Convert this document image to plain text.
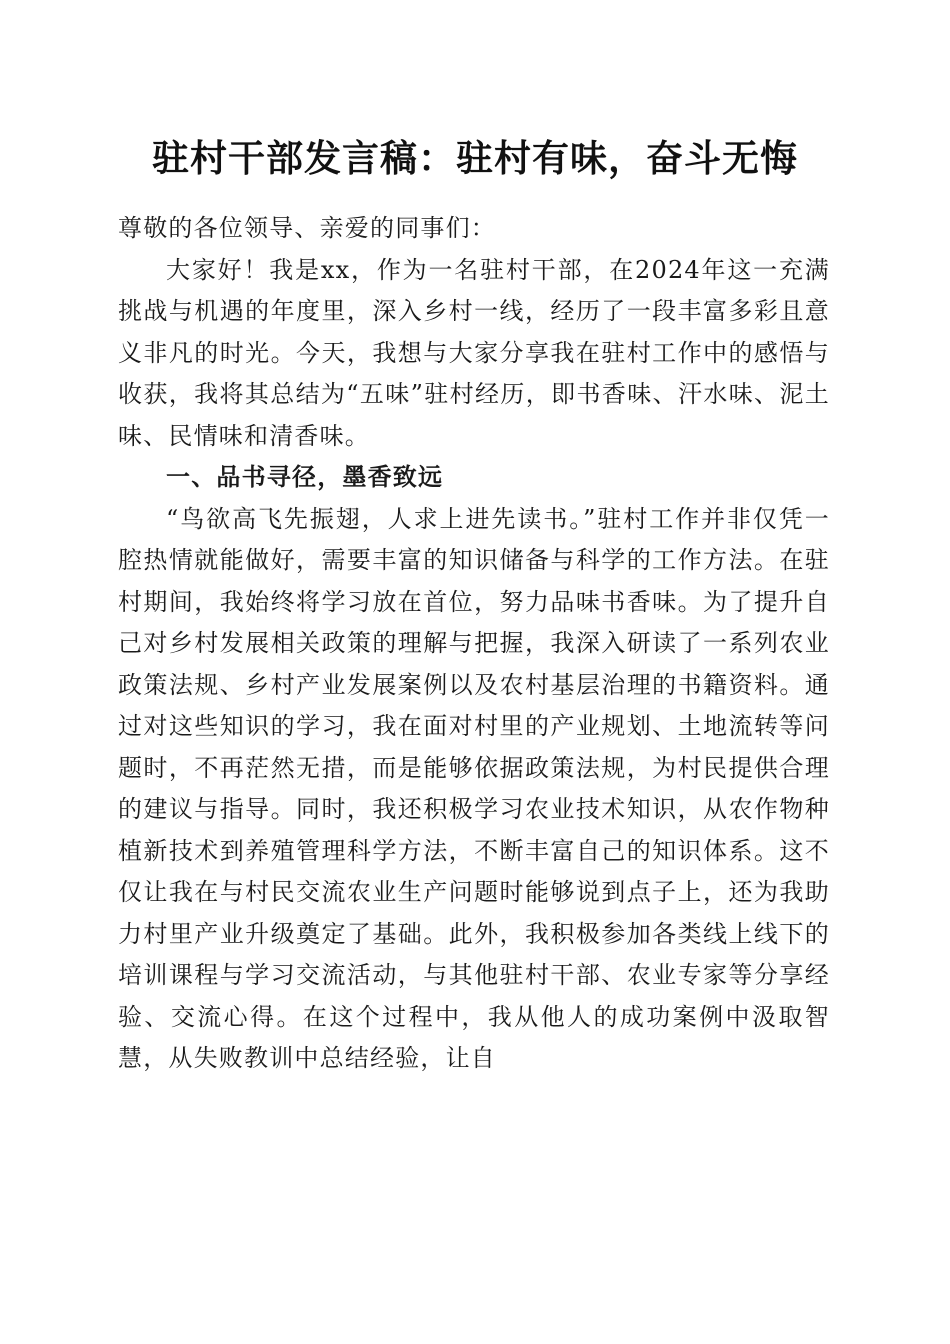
驻村干部发言稿：驻村有味，奋斗无悔

尊敬的各位领导、亲爱的同事们：

大家好！我是xx，作为一名驻村干部，在2024年这一充满挑战与机遇的年度里，深入乡村一线，经历了一段丰富多彩且意义非凡的时光。今天，我想与大家分享我在驻村工作中的感悟与收获，我将其总结为“五味”驻村经历，即书香味、汗水味、泥土味、民情味和清香味。

一、品书寻径，墨香致远

“鸟欲高飞先振翅，人求上进先读书。”驻村工作并非仅凭一腔热情就能做好，需要丰富的知识储备与科学的工作方法。在驻村期间，我始终将学习放在首位，努力品味书香味。为了提升自己对乡村发展相关政策的理解与把握，我深入研读了一系列农业政策法规、乡村产业发展案例以及农村基层治理的书籍资料。通过对这些知识的学习，我在面对村里的产业规划、土地流转等问题时，不再茫然无措，而是能够依据政策法规，为村民提供合理的建议与指导。同时，我还积极学习农业技术知识，从农作物种植新技术到养殖管理科学方法，不断丰富自己的知识体系。这不仅让我在与村民交流农业生产问题时能够说到点子上，还为我助力村里产业升级奠定了基础。此外，我积极参加各类线上线下的培训课程与学习交流活动，与其他驻村干部、农业专家等分享经验、交流心得。在这个过程中，我从他人的成功案例中汲取智慧，从失败教训中总结经验，让自
